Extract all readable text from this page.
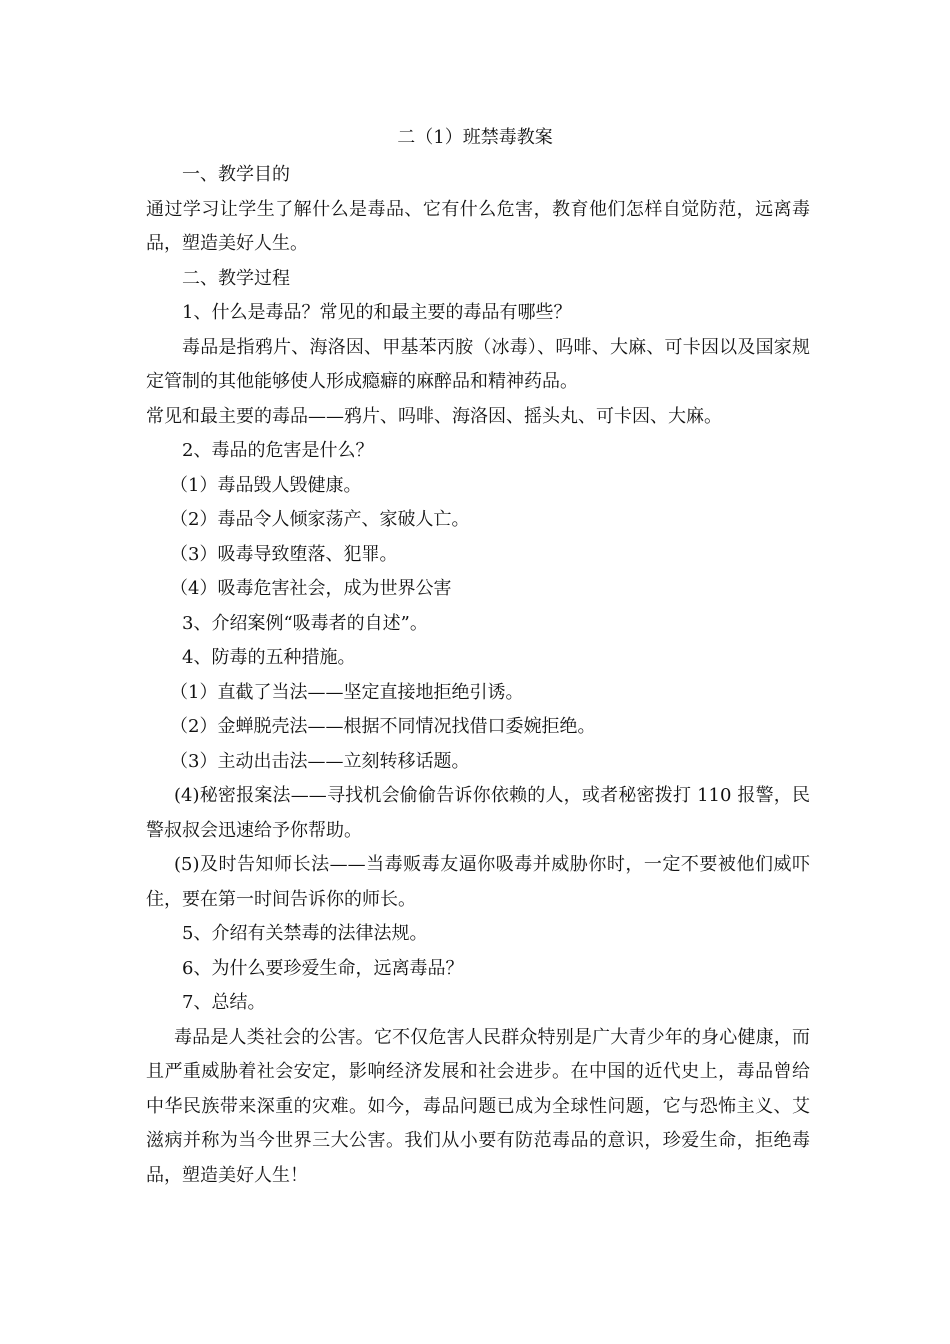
二（1）班禁毒教案

一、教学目的

通过学习让学生了解什么是毒品、它有什么危害，教育他们怎样自觉防范，远离毒品，塑造美好人生。

二、教学过程

1、什么是毒品？常见的和最主要的毒品有哪些？

毒品是指鸦片、海洛因、甲基苯丙胺（冰毒）、吗啡、大麻、可卡因以及国家规定管制的其他能够使人形成瘾癖的麻醉品和精神药品。

常见和最主要的毒品——鸦片、吗啡、海洛因、摇头丸、可卡因、大麻。

2、毒品的危害是什么？

（1）毒品毁人毁健康。

（2）毒品令人倾家荡产、家破人亡。

（3）吸毒导致堕落、犯罪。

（4）吸毒危害社会，成为世界公害

3、介绍案例“吸毒者的自述”。

4、防毒的五种措施。

（1）直截了当法——坚定直接地拒绝引诱。

（2）金蝉脱壳法——根据不同情况找借口委婉拒绝。

（3）主动出击法——立刻转移话题。

(4)秘密报案法——寻找机会偷偷告诉你依赖的人，或者秘密拨打 110 报警，民警叔叔会迅速给予你帮助。

(5)及时告知师长法——当毒贩毒友逼你吸毒并威胁你时，一定不要被他们威吓住，要在第一时间告诉你的师长。

5、介绍有关禁毒的法律法规。

6、为什么要珍爱生命，远离毒品？

7、总结。

毒品是人类社会的公害。它不仅危害人民群众特别是广大青少年的身心健康，而且严重威胁着社会安定，影响经济发展和社会进步。在中国的近代史上，毒品曾给中华民族带来深重的灾难。如今，毒品问题已成为全球性问题，它与恐怖主义、艾滋病并称为当今世界三大公害。我们从小要有防范毒品的意识，珍爱生命，拒绝毒品，塑造美好人生！
